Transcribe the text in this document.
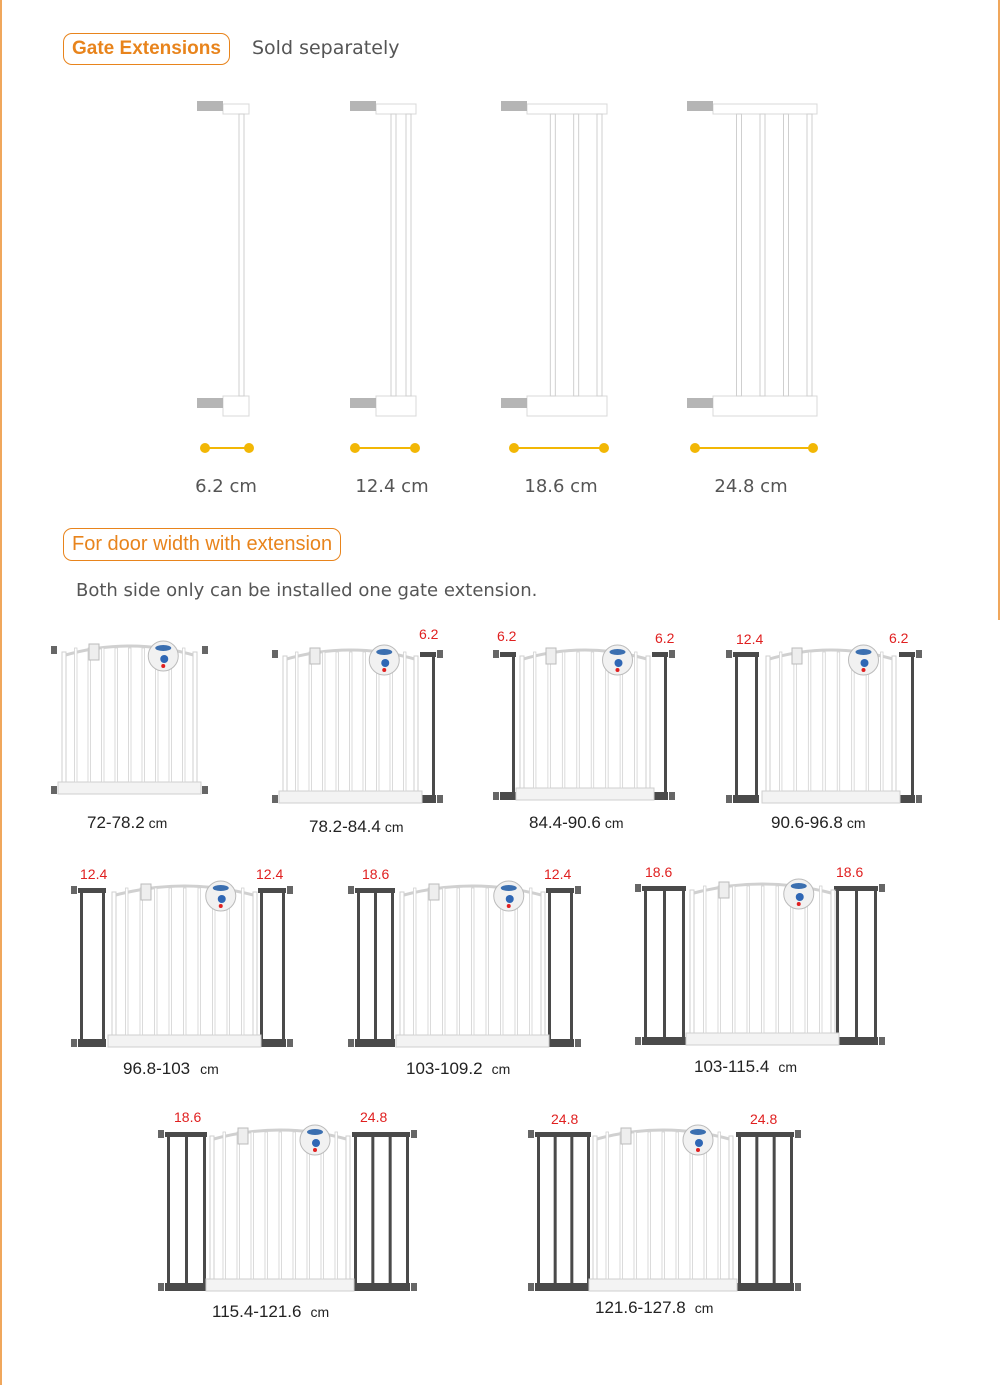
Gate Extensions	Sold separately
6.2 cm	12.4 cm	18.6 cm	24.8 cm
For door width with extension
Both side only can be installed one gate extension.
6.2	6.2	6.2	12.4	6.2
12.4	12.4	18.6	12.4	18.6	18.6
18.6	24.8	24.8	24.8
72-78.2 cm	78.2-84.4 cm	84.4-90.6 cm	90.6-96.8 cm
96.8-103 cm	103-109.2 cm	103-115.4 cm
115.4-121.6 cm	121.6-127.8 cm
